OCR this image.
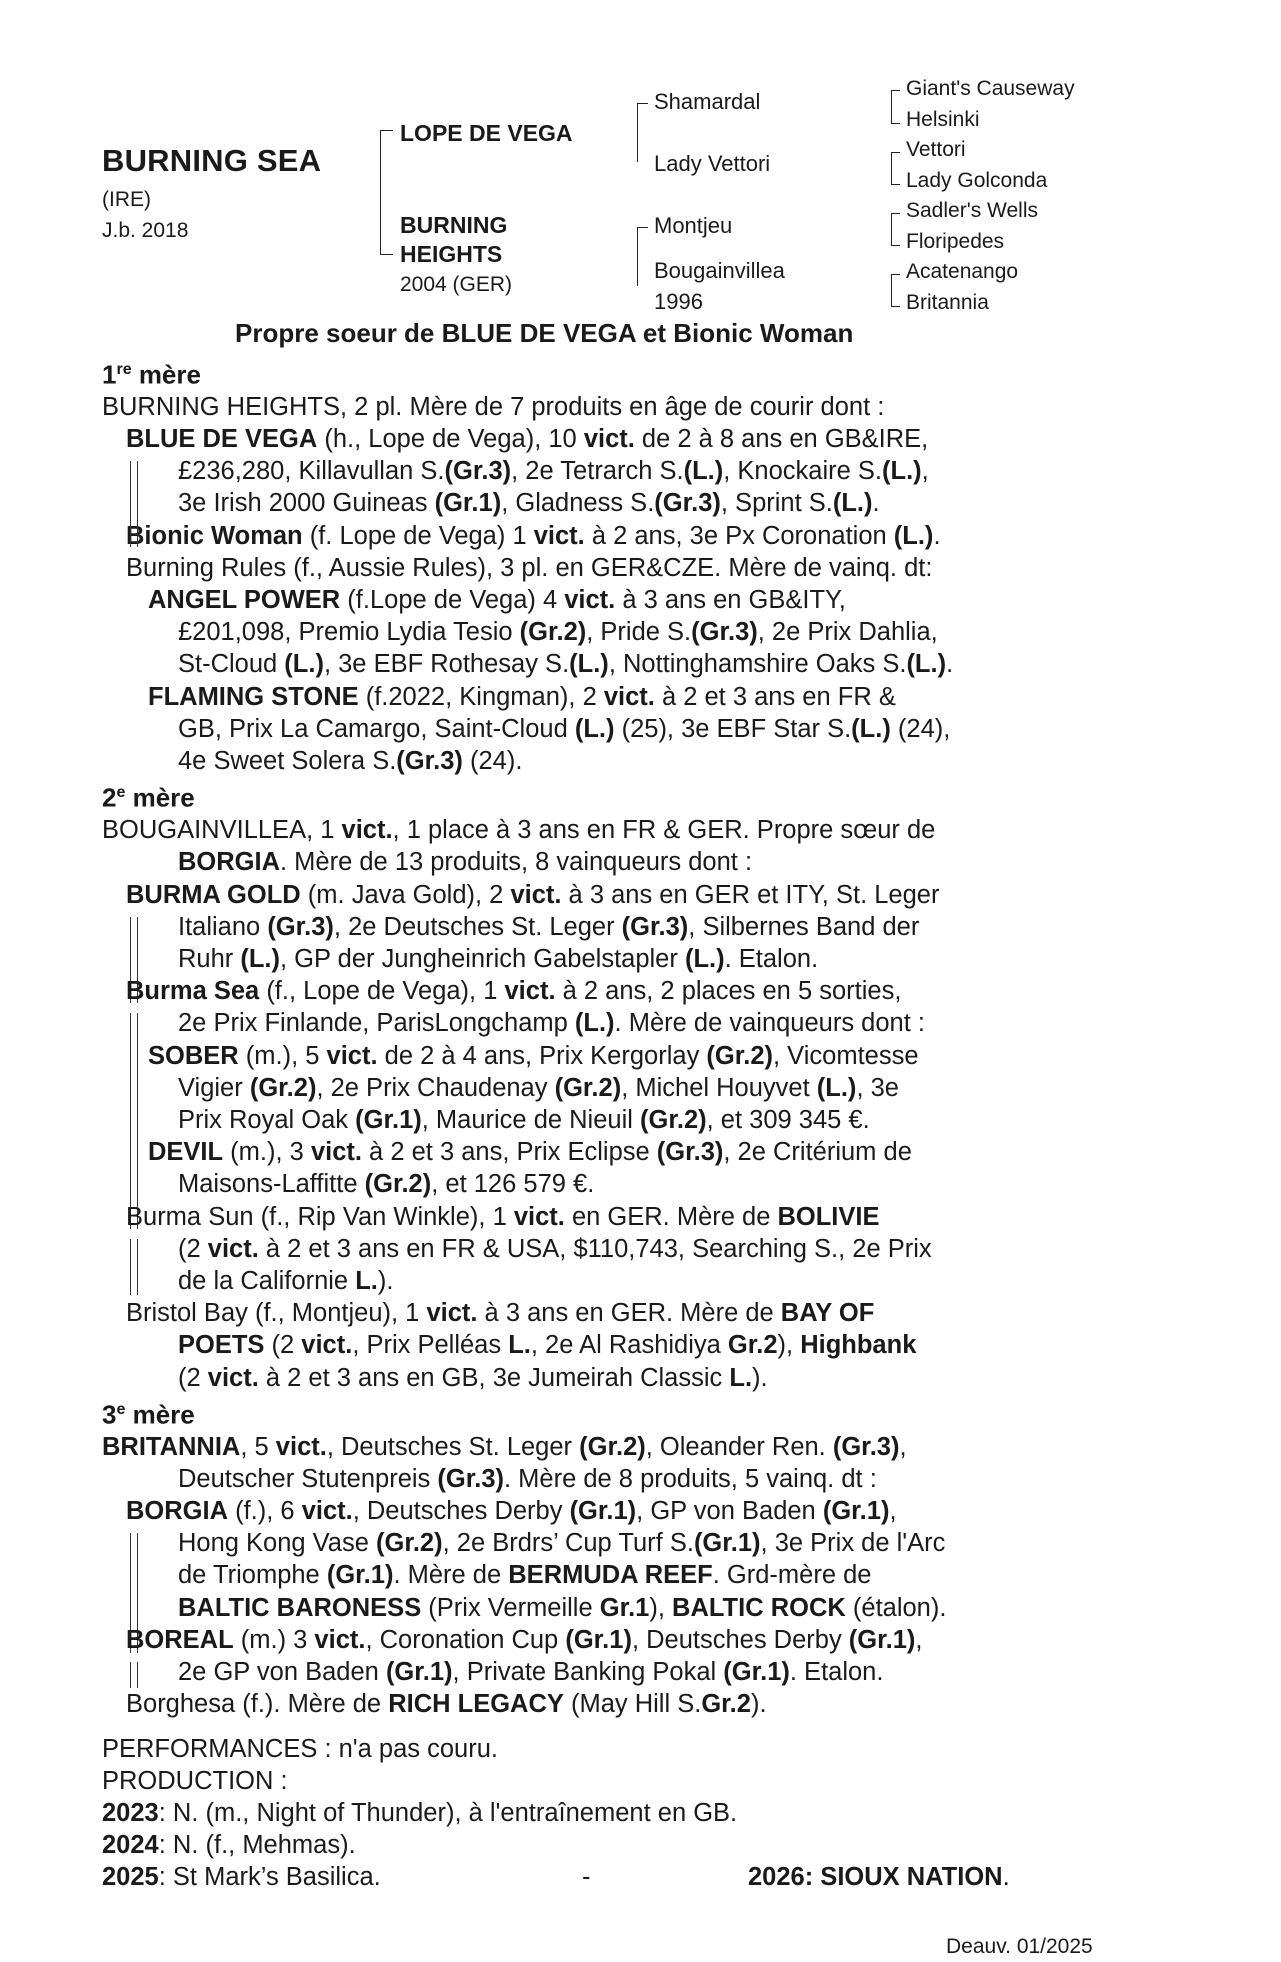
BURNING SEA
(IRE)
J.b. 2018
LOPE DE VEGA
BURNING
HEIGHTS
2004 (GER)
Shamardal
Lady Vettori
Montjeu
Bougainvillea
1996
Giant's Causeway
Helsinki
Vettori
Lady Golconda
Sadler's Wells
Floripedes
Acatenango
Britannia
Propre soeur de BLUE DE VEGA et Bionic Woman

1re mère

BURNING HEIGHTS, 2 pl. Mère de 7 produits en âge de courir dont :

BLUE DE VEGA (h., Lope de Vega), 10 vict. de 2 à 8 ans en GB&IRE,

£236,280, Killavullan S.(Gr.3), 2e Tetrarch S.(L.), Knockaire S.(L.),

3e Irish 2000 Guineas (Gr.1), Gladness S.(Gr.3), Sprint S.(L.).

Bionic Woman (f. Lope de Vega) 1 vict. à 2 ans, 3e Px Coronation (L.).

Burning Rules (f., Aussie Rules), 3 pl. en GER&CZE. Mère de vainq. dt:

ANGEL POWER (f.Lope de Vega) 4 vict. à 3 ans en GB&ITY,

£201,098, Premio Lydia Tesio (Gr.2), Pride S.(Gr.3), 2e Prix Dahlia,

St-Cloud (L.), 3e EBF Rothesay S.(L.), Nottinghamshire Oaks S.(L.).

FLAMING STONE (f.2022, Kingman), 2 vict. à 2 et 3 ans en FR &

GB, Prix La Camargo, Saint-Cloud (L.) (25), 3e EBF Star S.(L.) (24),

4e Sweet Solera S.(Gr.3) (24).

2e mère

BOUGAINVILLEA, 1 vict., 1 place à 3 ans en FR & GER. Propre sœur de

BORGIA. Mère de 13 produits, 8 vainqueurs dont :

BURMA GOLD (m. Java Gold), 2 vict. à 3 ans en GER et ITY, St. Leger

Italiano (Gr.3), 2e Deutsches St. Leger (Gr.3), Silbernes Band der

Ruhr (L.), GP der Jungheinrich Gabelstapler (L.). Etalon.

Burma Sea (f., Lope de Vega), 1 vict. à 2 ans, 2 places en 5 sorties,

2e Prix Finlande, ParisLongchamp (L.). Mère de vainqueurs dont :

SOBER (m.), 5 vict. de 2 à 4 ans, Prix Kergorlay (Gr.2), Vicomtesse

Vigier (Gr.2), 2e Prix Chaudenay (Gr.2), Michel Houyvet (L.), 3e

Prix Royal Oak (Gr.1), Maurice de Nieuil (Gr.2), et 309 345 €.

DEVIL (m.), 3 vict. à 2 et 3 ans, Prix Eclipse (Gr.3), 2e Critérium de

Maisons-Laffitte (Gr.2), et 126 579 €.

Burma Sun (f., Rip Van Winkle), 1 vict. en GER. Mère de BOLIVIE

(2 vict. à 2 et 3 ans en FR & USA, $110,743, Searching S., 2e Prix

de la Californie L.).

Bristol Bay (f., Montjeu), 1 vict. à 3 ans en GER. Mère de BAY OF

POETS (2 vict., Prix Pelléas L., 2e Al Rashidiya Gr.2), Highbank

(2 vict. à 2 et 3 ans en GB, 3e Jumeirah Classic L.).

3e mère

BRITANNIA, 5 vict., Deutsches St. Leger (Gr.2), Oleander Ren. (Gr.3),

Deutscher Stutenpreis (Gr.3). Mère de 8 produits, 5 vainq. dt :

BORGIA (f.), 6 vict., Deutsches Derby (Gr.1), GP von Baden (Gr.1),

Hong Kong Vase (Gr.2), 2e Brdrs’ Cup Turf S.(Gr.1), 3e Prix de l'Arc

de Triomphe (Gr.1). Mère de BERMUDA REEF. Grd-mère de

BALTIC BARONESS (Prix Vermeille Gr.1), BALTIC ROCK (étalon).

BOREAL (m.) 3 vict., Coronation Cup (Gr.1), Deutsches Derby (Gr.1),

2e GP von Baden (Gr.1), Private Banking Pokal (Gr.1). Etalon.

Borghesa (f.). Mère de RICH LEGACY (May Hill S.Gr.2).

PERFORMANCES : n'a pas couru.

PRODUCTION :

2023: N. (m., Night of Thunder), à l'entraînement en GB.

2024: N. (f., Mehmas).

2025: St Mark’s Basilica.	-	2026: SIOUX NATION.

Deauv. 01/2025
